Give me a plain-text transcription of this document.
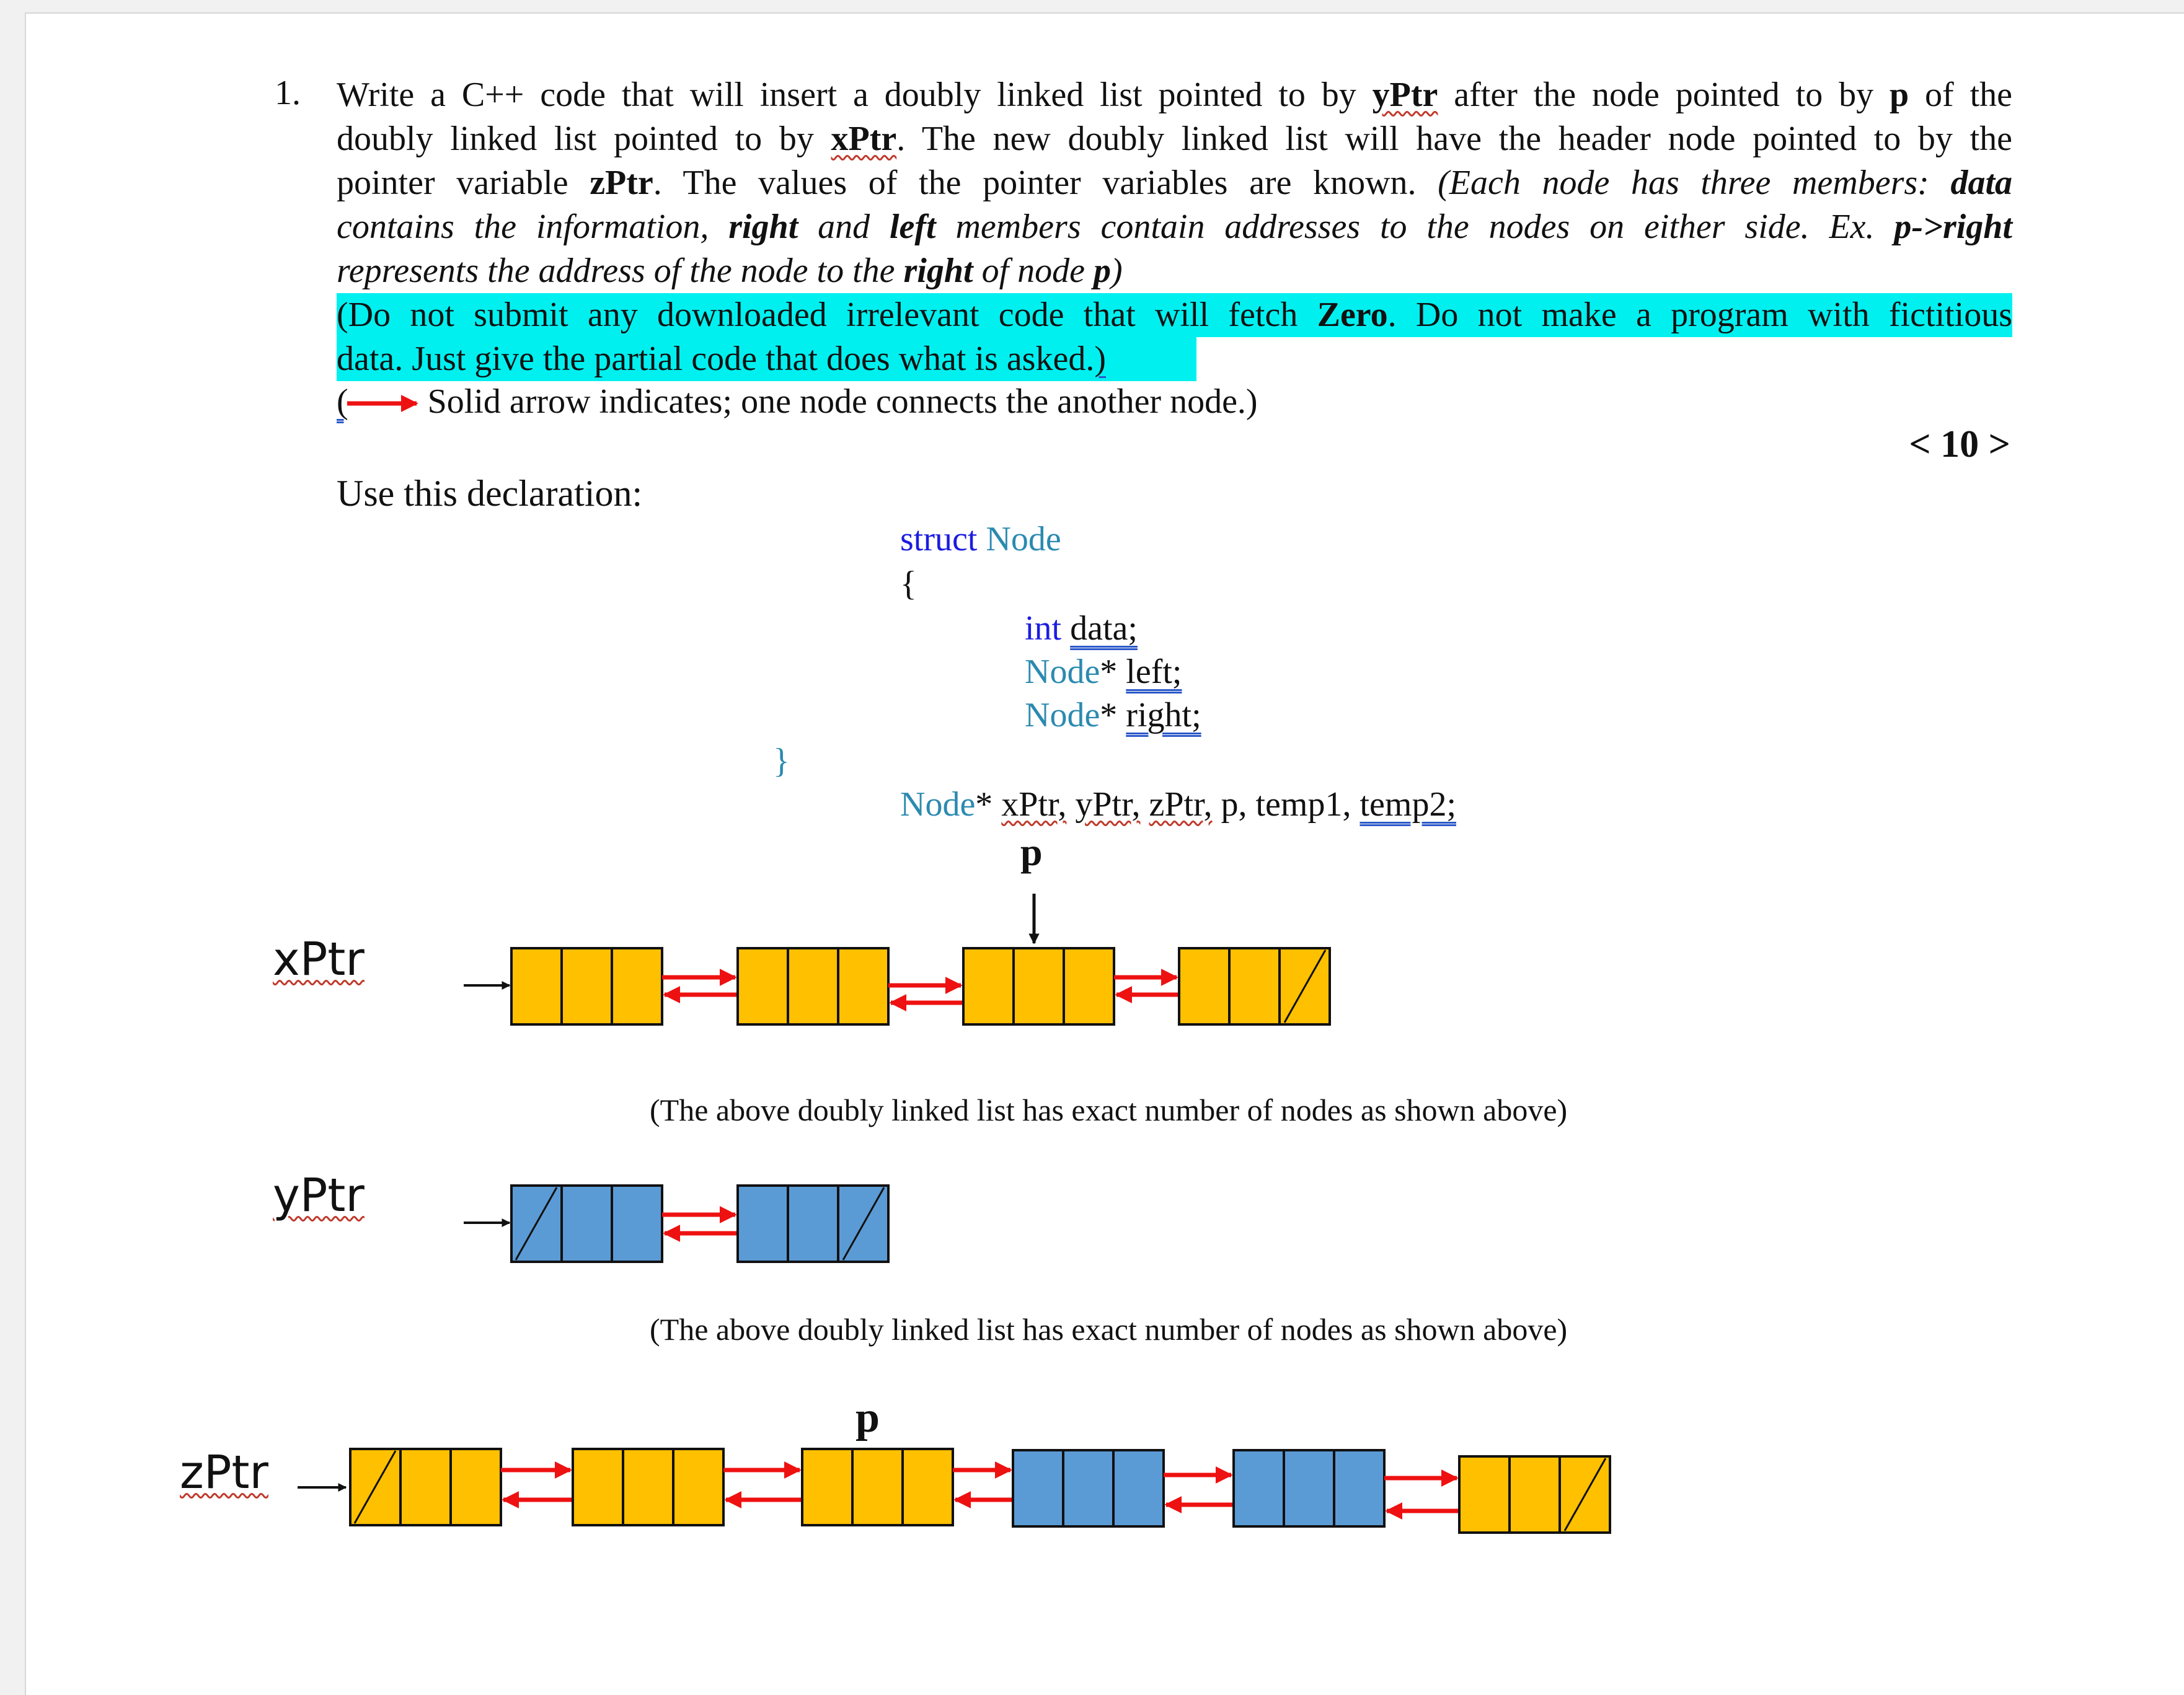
1. Write a C++ code that will insert a doubly linked list pointed to by yPtr after the node pointed to by p of the
doubly linked list pointed to by xPtr. The new doubly linked list will have the header node pointed to by the
pointer variable zPtr. The values of the pointer variables are known. (Each node has three members: data
contains the information, right and left members contain addresses to the nodes on either side. Ex. p->right
represents the address of the node to the right of node p)
(Do not submit any downloaded irrelevant code that will fetch Zero. Do not make a program with fictitious
data. Just give the partial code that does what is asked.)
( Solid arrow indicates; one node connects the another node.)
< 10 >
Use this declaration:
struct Node
{
int data;
Node* left;
Node* right;
}
Node* xPtr, yPtr, zPtr, p, temp1, temp2;
p
xPtr
yPtr
zPtr
(The above doubly linked list has exact number of nodes as shown above)
(The above doubly linked list has exact number of nodes as shown above)
p
